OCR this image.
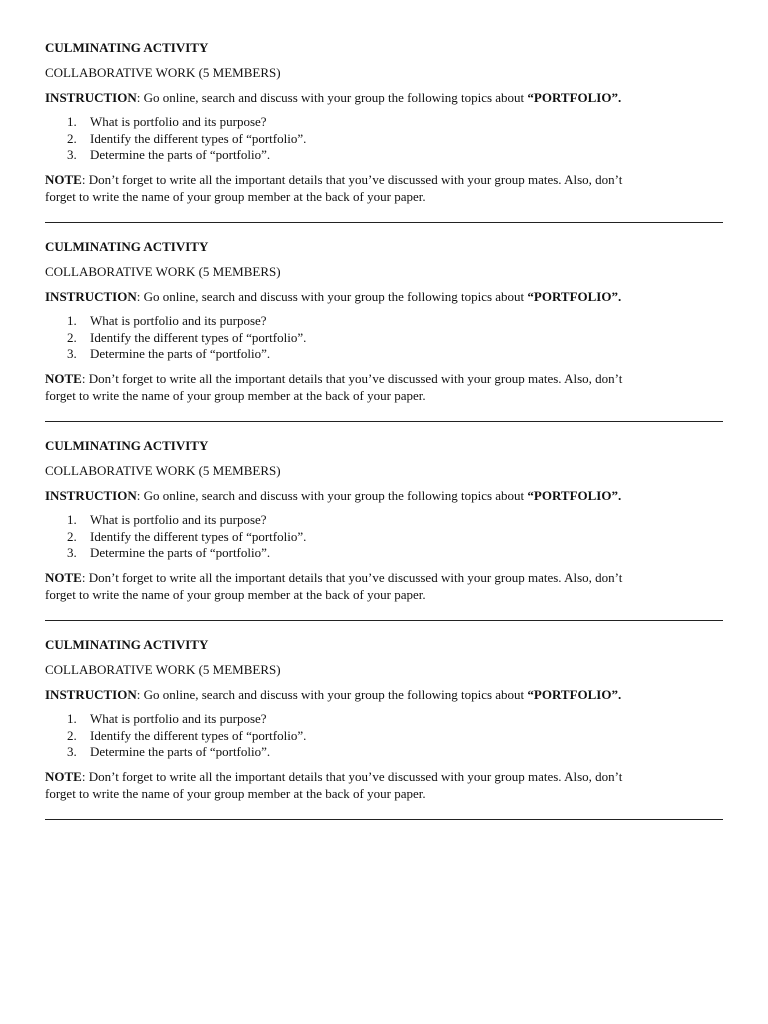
CULMINATING ACTIVITY
COLLABORATIVE WORK (5 MEMBERS)
INSTRUCTION: Go online, search and discuss with your group the following topics about “PORTFOLIO”.
1. What is portfolio and its purpose?
2. Identify the different types of “portfolio”.
3. Determine the parts of “portfolio”.
NOTE: Don’t forget to write all the important details that you’ve discussed with your group mates. Also, don’t
forget to write the name of your group member at the back of your paper.
CULMINATING ACTIVITY
COLLABORATIVE WORK (5 MEMBERS)
INSTRUCTION: Go online, search and discuss with your group the following topics about “PORTFOLIO”.
1. What is portfolio and its purpose?
2. Identify the different types of “portfolio”.
3. Determine the parts of “portfolio”.
NOTE: Don’t forget to write all the important details that you’ve discussed with your group mates. Also, don’t
forget to write the name of your group member at the back of your paper.
CULMINATING ACTIVITY
COLLABORATIVE WORK (5 MEMBERS)
INSTRUCTION: Go online, search and discuss with your group the following topics about “PORTFOLIO”.
1. What is portfolio and its purpose?
2. Identify the different types of “portfolio”.
3. Determine the parts of “portfolio”.
NOTE: Don’t forget to write all the important details that you’ve discussed with your group mates. Also, don’t
forget to write the name of your group member at the back of your paper.
CULMINATING ACTIVITY
COLLABORATIVE WORK (5 MEMBERS)
INSTRUCTION: Go online, search and discuss with your group the following topics about “PORTFOLIO”.
1. What is portfolio and its purpose?
2. Identify the different types of “portfolio”.
3. Determine the parts of “portfolio”.
NOTE: Don’t forget to write all the important details that you’ve discussed with your group mates. Also, don’t
forget to write the name of your group member at the back of your paper.
